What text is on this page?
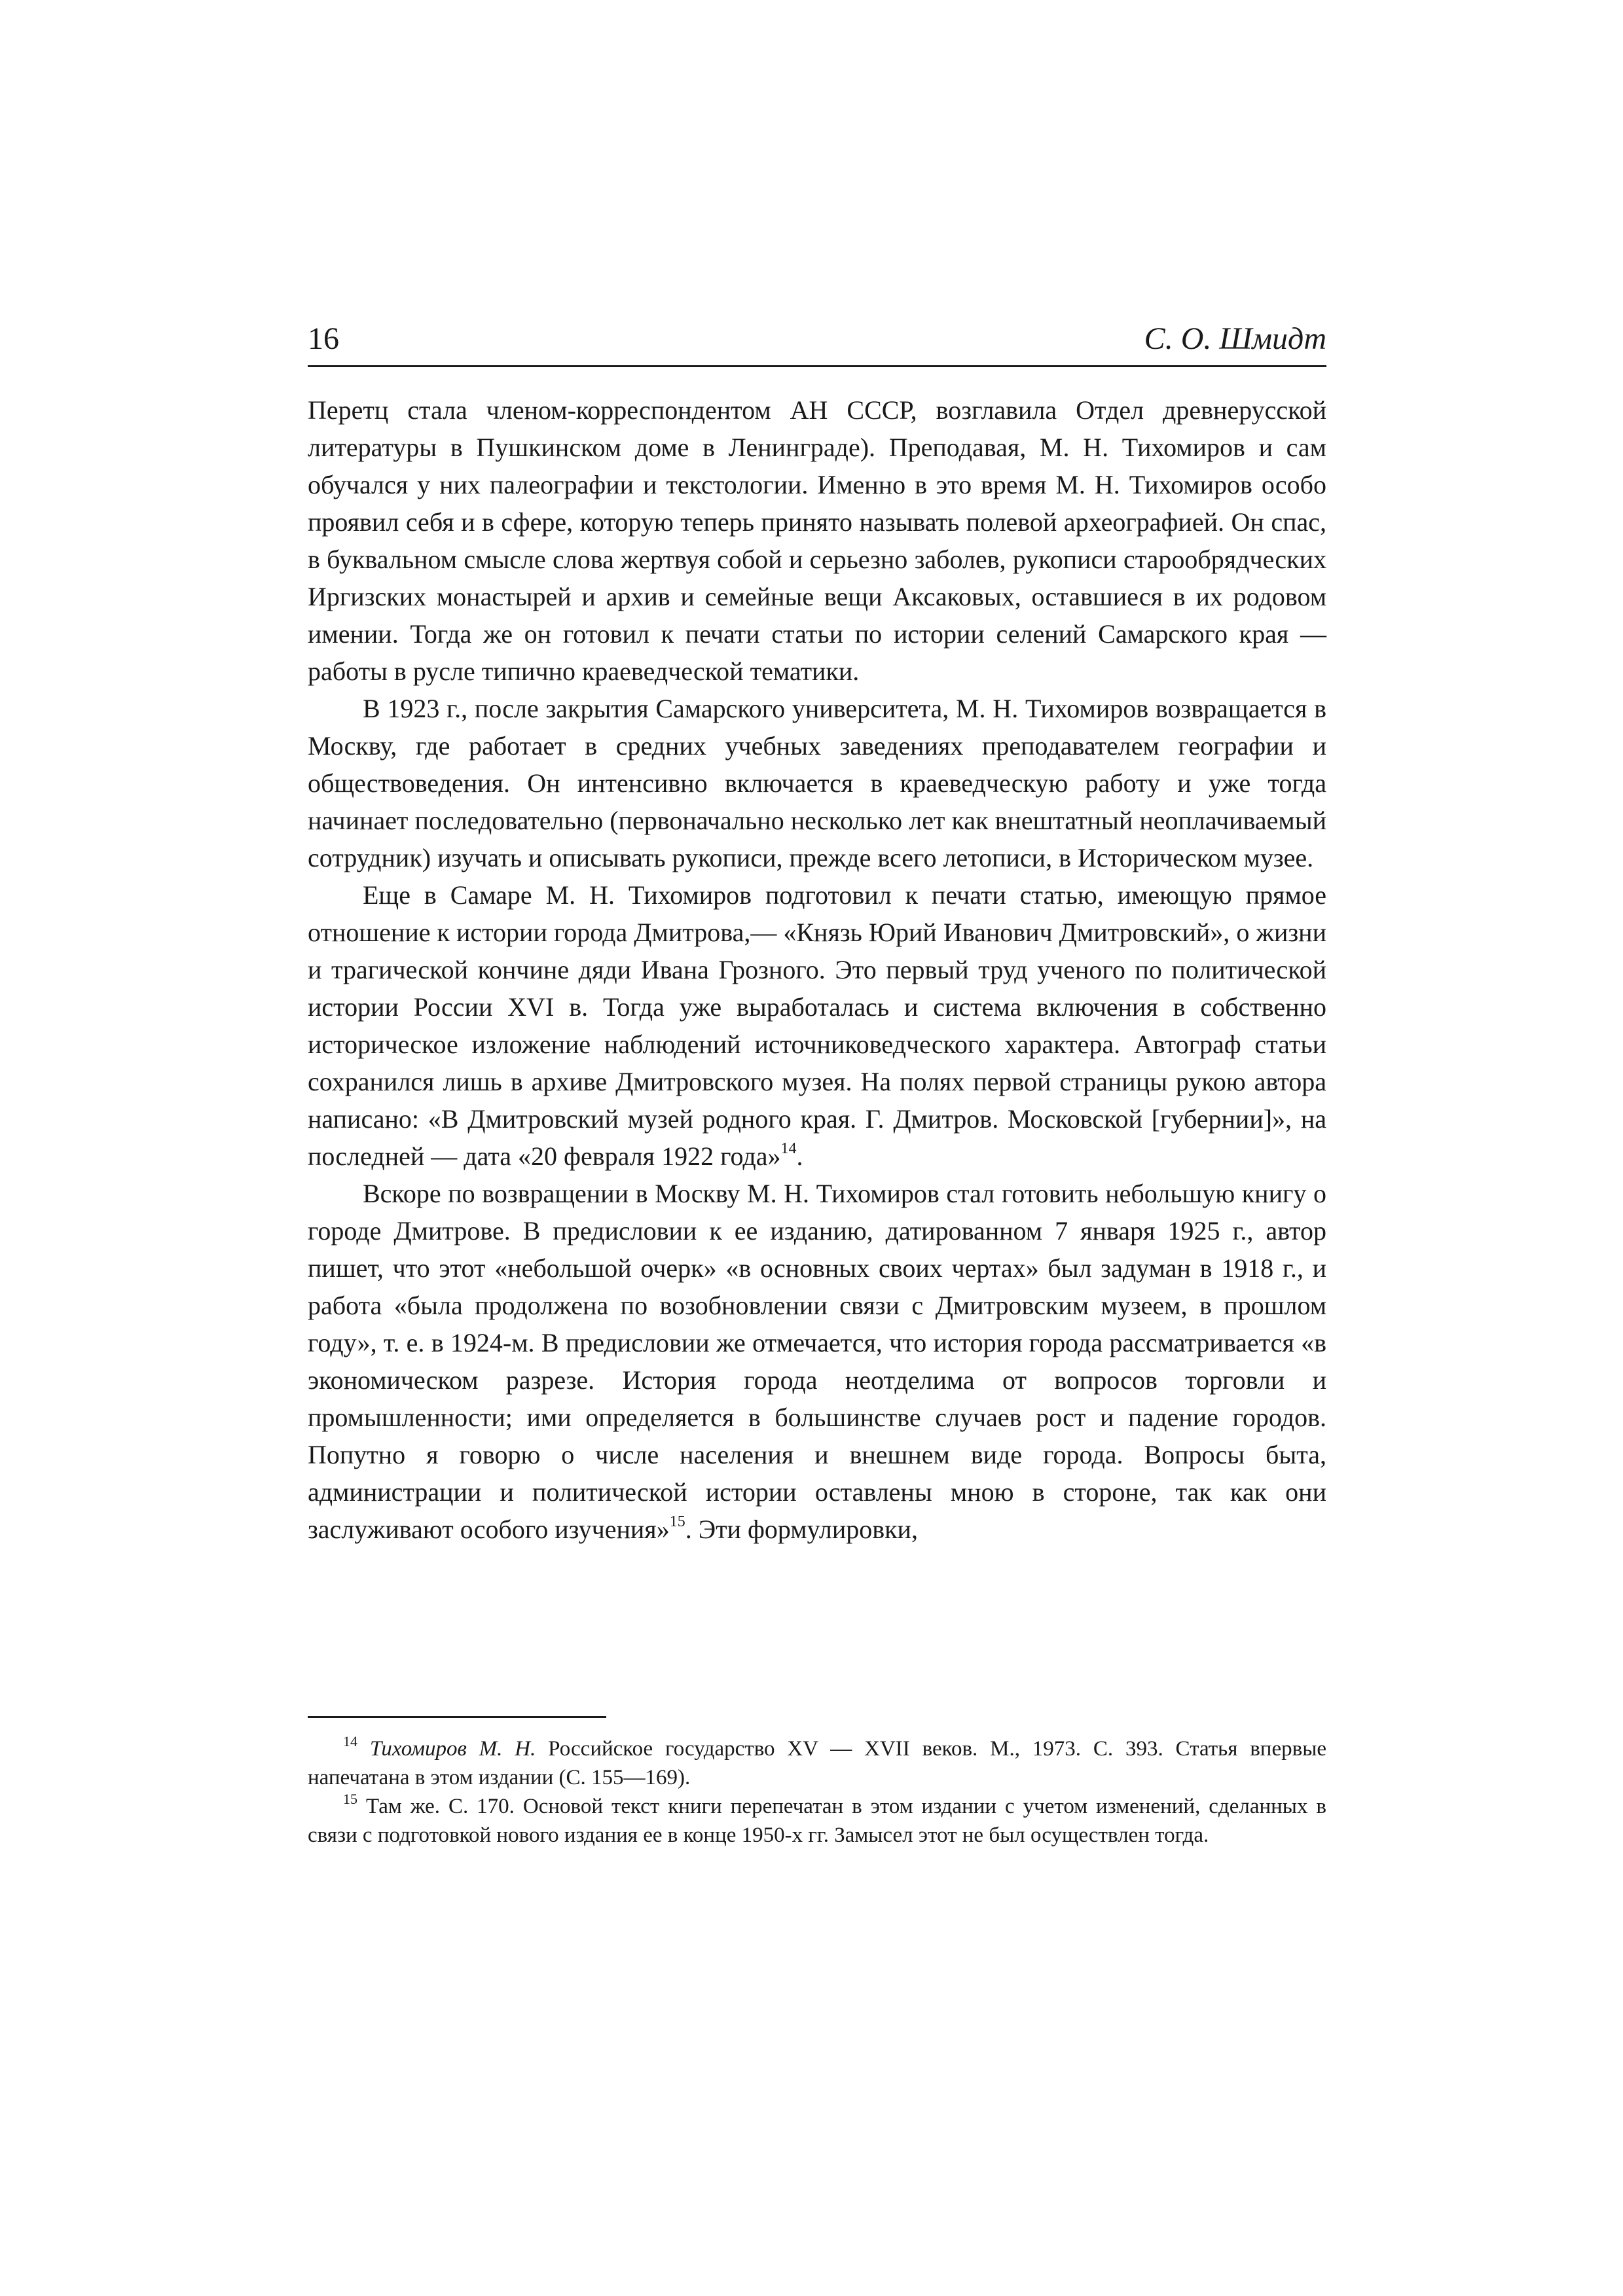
16	С. О. Шмидт

Перетц стала членом-корреспондентом АН СССР, возглавила Отдел древнерусской литературы в Пушкинском доме в Ленинграде). Преподавая, М. Н. Тихомиров и сам обучался у них палеографии и текстологии. Именно в это время М. Н. Тихомиров особо проявил себя и в сфере, которую теперь принято называть полевой археографией. Он спас, в буквальном смысле слова жертвуя собой и серьезно заболев, рукописи старообрядческих Иргизских монастырей и архив и семейные вещи Аксаковых, оставшиеся в их родовом имении. Тогда же он готовил к печати статьи по истории селений Самарского края — работы в русле типично краеведческой тематики.

В 1923 г., после закрытия Самарского университета, М. Н. Тихомиров возвращается в Москву, где работает в средних учебных заведениях преподавателем географии и обществоведения. Он интенсивно включается в краеведческую работу и уже тогда начинает последовательно (первоначально несколько лет как внештатный неоплачиваемый сотрудник) изучать и описывать рукописи, прежде всего летописи, в Историческом музее.

Еще в Самаре М. Н. Тихомиров подготовил к печати статью, имеющую прямое отношение к истории города Дмитрова,— «Князь Юрий Иванович Дмитровский», о жизни и трагической кончине дяди Ивана Грозного. Это первый труд ученого по политической истории России XVI в. Тогда уже выработалась и система включения в собственно историческое изложение наблюдений источниковедческого характера. Автограф статьи сохранился лишь в архиве Дмитровского музея. На полях первой страницы рукою автора написано: «В Дмитровский музей родного края. Г. Дмитров. Московской [губернии]», на последней — дата «20 февраля 1922 года»$^{14}$.

Вскоре по возвращении в Москву М. Н. Тихомиров стал готовить небольшую книгу о городе Дмитрове. В предисловии к ее изданию, датированном 7 января 1925 г., автор пишет, что этот «небольшой очерк» «в основных своих чертах» был задуман в 1918 г., и работа «была продолжена по возобновлении связи с Дмитровским музеем, в прошлом году», т. е. в 1924-м. В предисловии же отмечается, что история города рассматривается «в экономическом разрезе. История города неотделима от вопросов торговли и промышленности; ими определяется в большинстве случаев рост и падение городов. Попутно я говорю о числе населения и внешнем виде города. Вопросы быта, администрации и политической истории оставлены мною в стороне, так как они заслуживают особого изучения»$^{15}$. Эти формулировки,

$^{14}$ Тихомиров М. Н. Российское государство XV — XVII веков. М., 1973. С. 393. Статья впервые напечатана в этом издании (С. 155—169).

$^{15}$ Там же. С. 170. Основой текст книги перепечатан в этом издании с учетом изменений, сделанных в связи с подготовкой нового издания ее в конце 1950-х гг. Замысел этот не был осуществлен тогда.
